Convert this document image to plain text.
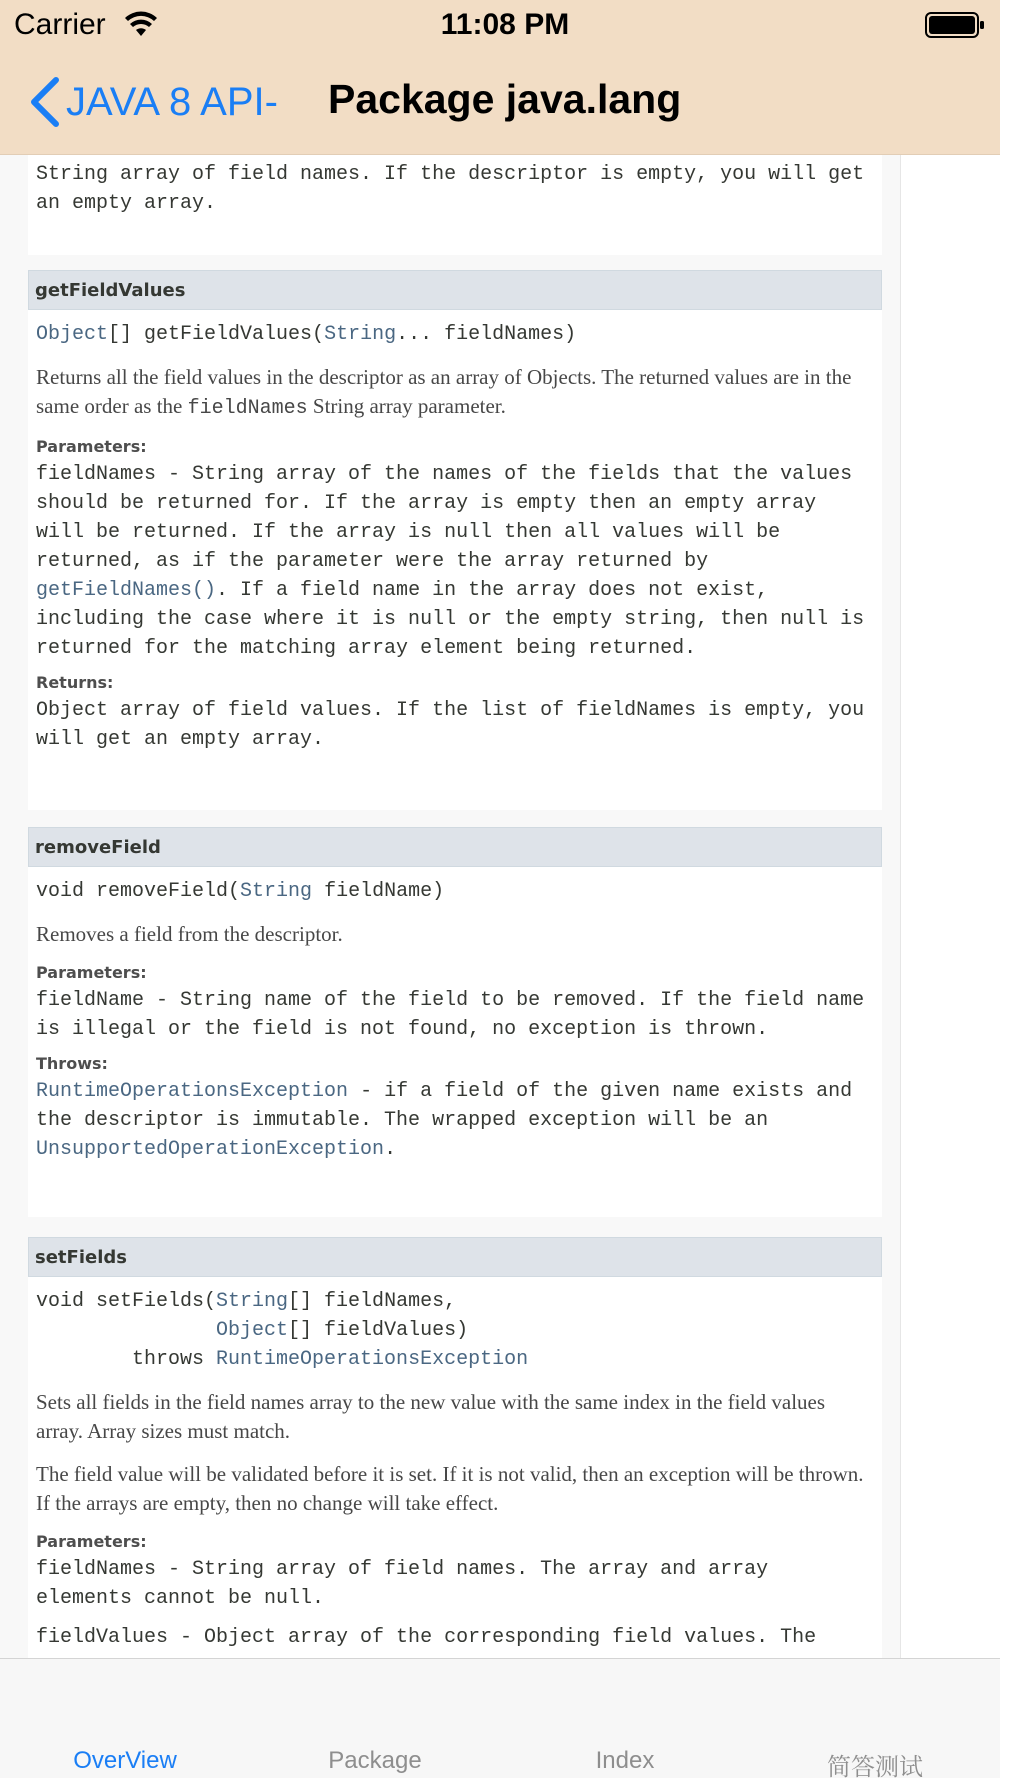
Carrier	11:08 PM
JAVA 8 API- Package java.lang
String array of field names. If the descriptor is empty, you will get an empty array.
getFieldValues
Object[] getFieldValues(String... fieldNames)
Returns all the field values in the descriptor as an array of Objects. The returned values are in the same order as the fieldNames String array parameter.
Parameters:
fieldNames - String array of the names of the fields that the values should be returned for. If the array is empty then an empty array will be returned. If the array is null then all values will be returned, as if the parameter were the array returned by getFieldNames(). If a field name in the array does not exist, including the case where it is null or the empty string, then null is returned for the matching array element being returned.
Returns:
Object array of field values. If the list of fieldNames is empty, you will get an empty array.
removeField
void removeField(String fieldName)
Removes a field from the descriptor.
Parameters:
fieldName - String name of the field to be removed. If the field name is illegal or the field is not found, no exception is thrown.
Throws:
RuntimeOperationsException - if a field of the given name exists and the descriptor is immutable. The wrapped exception will be an UnsupportedOperationException.
setFields
void setFields(String[] fieldNames,
Object[] fieldValues)
throws RuntimeOperationsException
Sets all fields in the field names array to the new value with the same index in the field values array. Array sizes must match.
The field value will be validated before it is set. If it is not valid, then an exception will be thrown. If the arrays are empty, then no change will take effect.
Parameters:
fieldNames - String array of field names. The array and array elements cannot be null.
fieldValues - Object array of the corresponding field values. The
OverView	Package	Index	简答测试
